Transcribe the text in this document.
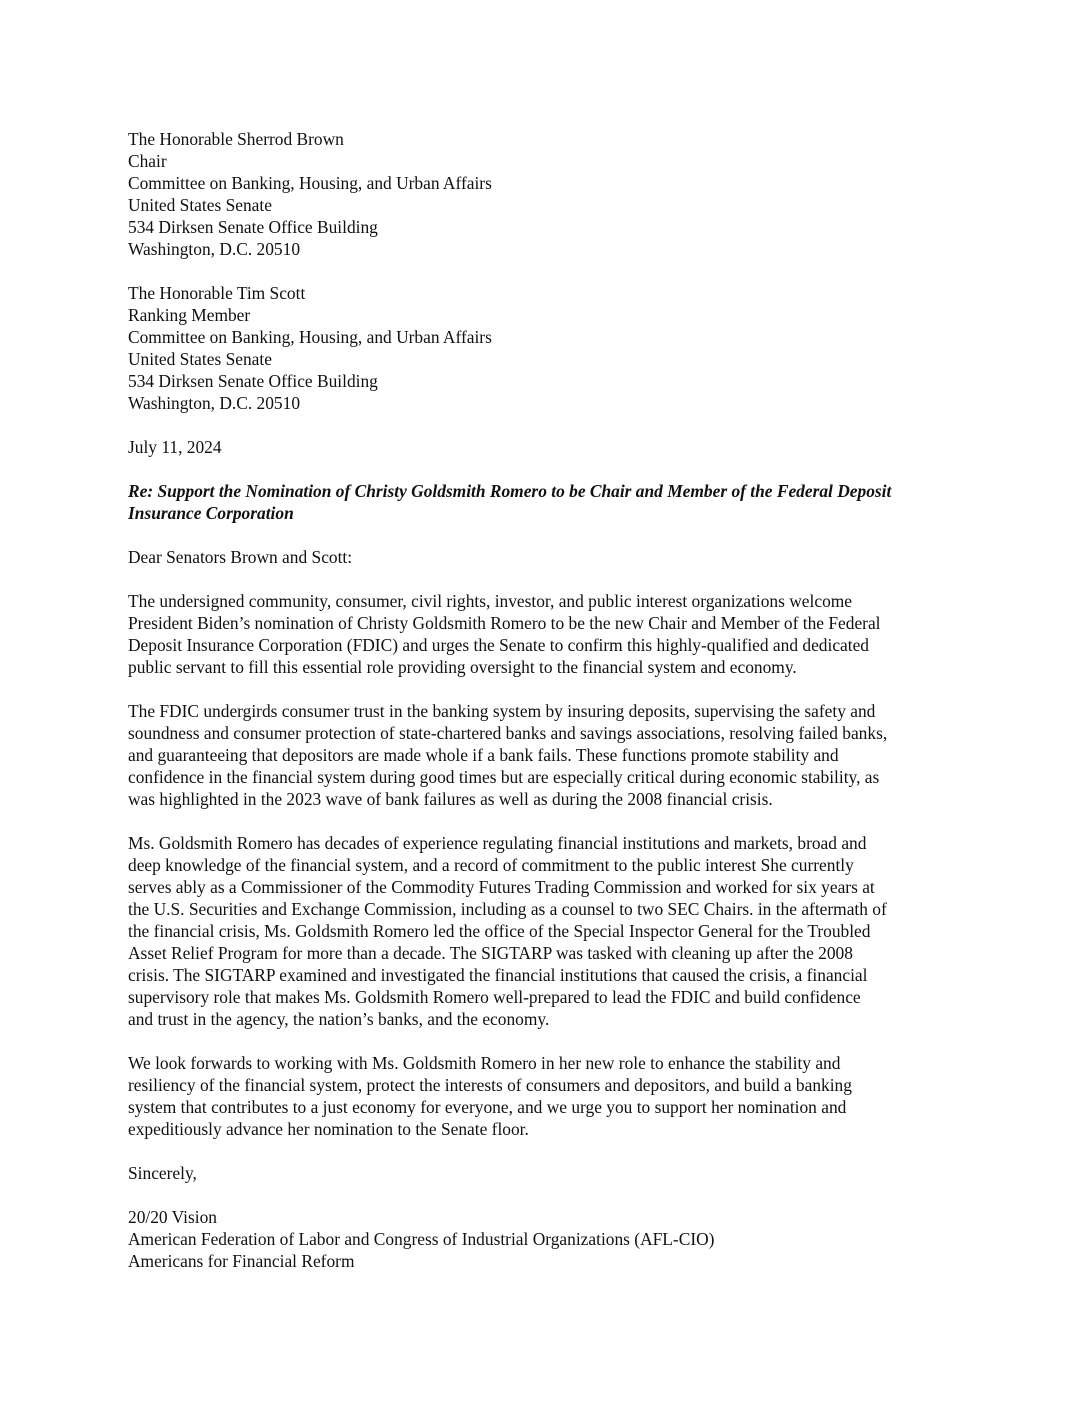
The Honorable Sherrod Brown
Chair
Committee on Banking, Housing, and Urban Affairs
United States Senate
534 Dirksen Senate Office Building
Washington, D.C. 20510
The Honorable Tim Scott
Ranking Member
Committee on Banking, Housing, and Urban Affairs
United States Senate
534 Dirksen Senate Office Building
Washington, D.C. 20510
July 11, 2024
Re: Support the Nomination of Christy Goldsmith Romero to be Chair and Member of the Federal Deposit
Insurance Corporation
Dear Senators Brown and Scott:
The undersigned community, consumer, civil rights, investor, and public interest organizations welcome
President Biden’s nomination of Christy Goldsmith Romero to be the new Chair and Member of the Federal
Deposit Insurance Corporation (FDIC) and urges the Senate to confirm this highly-qualified and dedicated
public servant to fill this essential role providing oversight to the financial system and economy.
The FDIC undergirds consumer trust in the banking system by insuring deposits, supervising the safety and
soundness and consumer protection of state-chartered banks and savings associations, resolving failed banks,
and guaranteeing that depositors are made whole if a bank fails. These functions promote stability and
confidence in the financial system during good times but are especially critical during economic stability, as
was highlighted in the 2023 wave of bank failures as well as during the 2008 financial crisis.
Ms. Goldsmith Romero has decades of experience regulating financial institutions and markets, broad and
deep knowledge of the financial system, and a record of commitment to the public interest She currently
serves ably as a Commissioner of the Commodity Futures Trading Commission and worked for six years at
the U.S. Securities and Exchange Commission, including as a counsel to two SEC Chairs. in the aftermath of
the financial crisis, Ms. Goldsmith Romero led the office of the Special Inspector General for the Troubled
Asset Relief Program for more than a decade. The SIGTARP was tasked with cleaning up after the 2008
crisis. The SIGTARP examined and investigated the financial institutions that caused the crisis, a financial
supervisory role that makes Ms. Goldsmith Romero well-prepared to lead the FDIC and build confidence
and trust in the agency, the nation’s banks, and the economy.
We look forwards to working with Ms. Goldsmith Romero in her new role to enhance the stability and
resiliency of the financial system, protect the interests of consumers and depositors, and build a banking
system that contributes to a just economy for everyone, and we urge you to support her nomination and
expeditiously advance her nomination to the Senate floor.
Sincerely,
20/20 Vision
American Federation of Labor and Congress of Industrial Organizations (AFL-CIO)
Americans for Financial Reform
